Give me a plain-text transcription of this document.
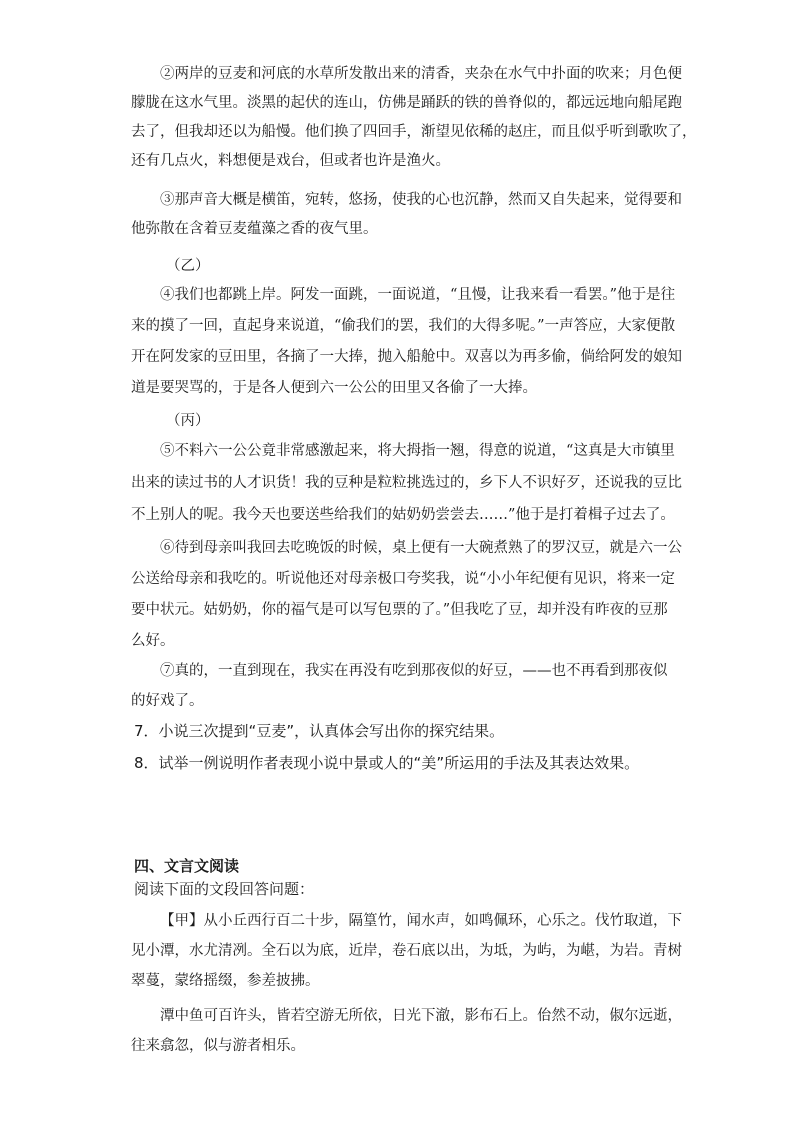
②两岸的豆麦和河底的水草所发散出来的清香，夹杂在水气中扑面的吹来；月色便
朦胧在这水气里。淡黑的起伏的连山，仿佛是踊跃的铁的兽脊似的，都远远地向船尾跑
去了，但我却还以为船慢。他们换了四回手，渐望见依稀的赵庄，而且似乎听到歌吹了，
还有几点火，料想便是戏台，但或者也许是渔火。
③那声音大概是横笛，宛转，悠扬，使我的心也沉静，然而又自失起来，觉得要和
他弥散在含着豆麦蕴藻之香的夜气里。
（乙）
④我们也都跳上岸。阿发一面跳，一面说道，“且慢，让我来看一看罢。”他于是往
来的摸了一回，直起身来说道，“偷我们的罢，我们的大得多呢。”一声答应，大家便散
开在阿发家的豆田里，各摘了一大捧，抛入船舱中。双喜以为再多偷，倘给阿发的娘知
道是要哭骂的，于是各人便到六一公公的田里又各偷了一大捧。
（丙）
⑤不料六一公公竟非常感激起来，将大拇指一翘，得意的说道，“这真是大市镇里
出来的读过书的人才识货！我的豆种是粒粒挑选过的，乡下人不识好歹，还说我的豆比
不上别人的呢。我今天也要送些给我们的姑奶奶尝尝去……”他于是打着楫子过去了。
⑥待到母亲叫我回去吃晚饭的时候，桌上便有一大碗煮熟了的罗汉豆，就是六一公
公送给母亲和我吃的。听说他还对母亲极口夸奖我，说“小小年纪便有见识，将来一定
要中状元。姑奶奶，你的福气是可以写包票的了。”但我吃了豆，却并没有昨夜的豆那
么好。
⑦真的，一直到现在，我实在再没有吃到那夜似的好豆，——也不再看到那夜似
的好戏了。
7．小说三次提到“豆麦”，认真体会写出你的探究结果。
8．试举一例说明作者表现小说中景或人的“美”所运用的手法及其表达效果。
四、文言文阅读
阅读下面的文段回答问题：
【甲】从小丘西行百二十步，隔篁竹，闻水声，如鸣佩环，心乐之。伐竹取道，下
见小潭，水尤清冽。全石以为底，近岸，卷石底以出，为坻，为屿，为嵁，为岩。青树
翠蔓，蒙络摇缀，参差披拂。
潭中鱼可百许头，皆若空游无所依，日光下澈，影布石上。佁然不动，俶尔远逝，
往来翕忽，似与游者相乐。
